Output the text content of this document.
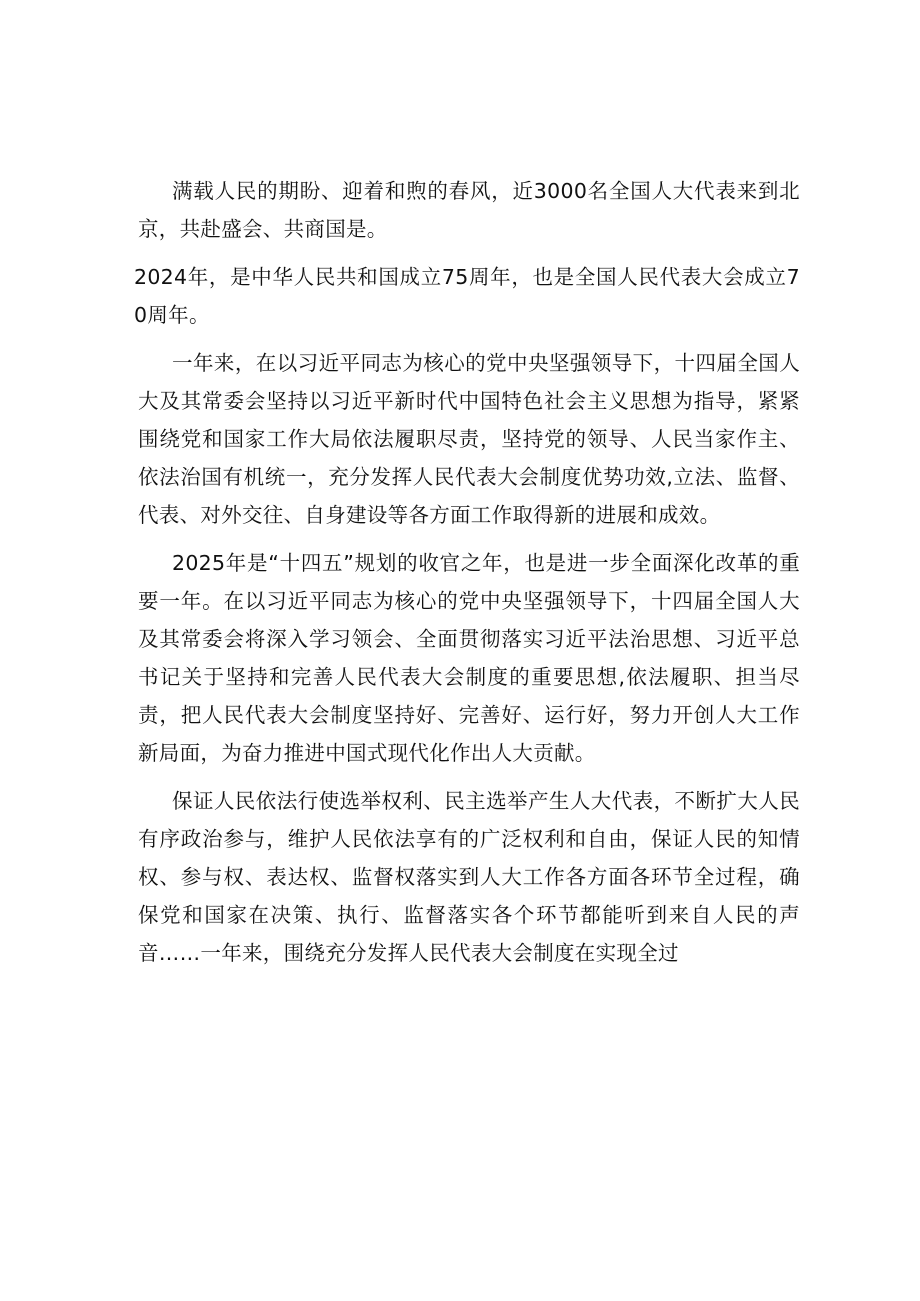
满载人民的期盼、迎着和煦的春风，近3000名全国人大代表来到北京，共赴盛会、共商国是。

2024年，是中华人民共和国成立75周年，也是全国人民代表大会成立70周年。

一年来，在以习近平同志为核心的党中央坚强领导下，十四届全国人大及其常委会坚持以习近平新时代中国特色社会主义思想为指导，紧紧围绕党和国家工作大局依法履职尽责，坚持党的领导、人民当家作主、依法治国有机统一，充分发挥人民代表大会制度优势功效,立法、监督、代表、对外交往、自身建设等各方面工作取得新的进展和成效。

2025年是“十四五”规划的收官之年，也是进一步全面深化改革的重要一年。在以习近平同志为核心的党中央坚强领导下，十四届全国人大及其常委会将深入学习领会、全面贯彻落实习近平法治思想、习近平总书记关于坚持和完善人民代表大会制度的重要思想,依法履职、担当尽责，把人民代表大会制度坚持好、完善好、运行好，努力开创人大工作新局面，为奋力推进中国式现代化作出人大贡献。

保证人民依法行使选举权利、民主选举产生人大代表，不断扩大人民有序政治参与，维护人民依法享有的广泛权利和自由，保证人民的知情权、参与权、表达权、监督权落实到人大工作各方面各环节全过程，确保党和国家在决策、执行、监督落实各个环节都能听到来自人民的声音……一年来，围绕充分发挥人民代表大会制度在实现全过
